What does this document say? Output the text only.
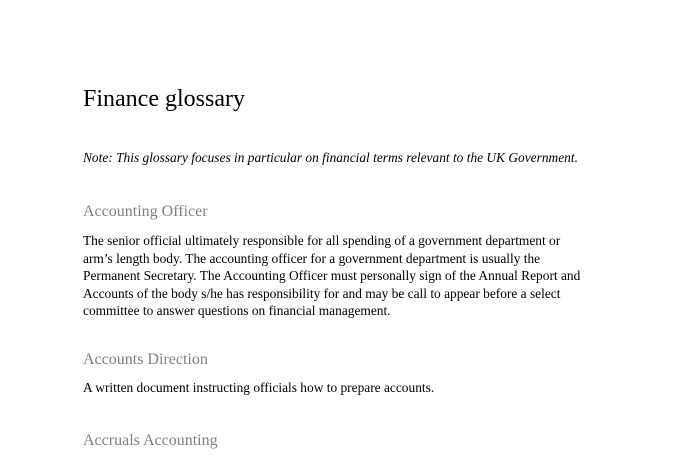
Finance glossary

Note: This glossary focuses in particular on financial terms relevant to the UK Government.

Accounting Officer

The senior official ultimately responsible for all spending of a government department or
arm’s length body. The accounting officer for a government department is usually the
Permanent Secretary. The Accounting Officer must personally sign of the Annual Report and
Accounts of the body s/he has responsibility for and may be call to appear before a select
committee to answer questions on financial management.

Accounts Direction

A written document instructing officials how to prepare accounts.

Accruals Accounting
